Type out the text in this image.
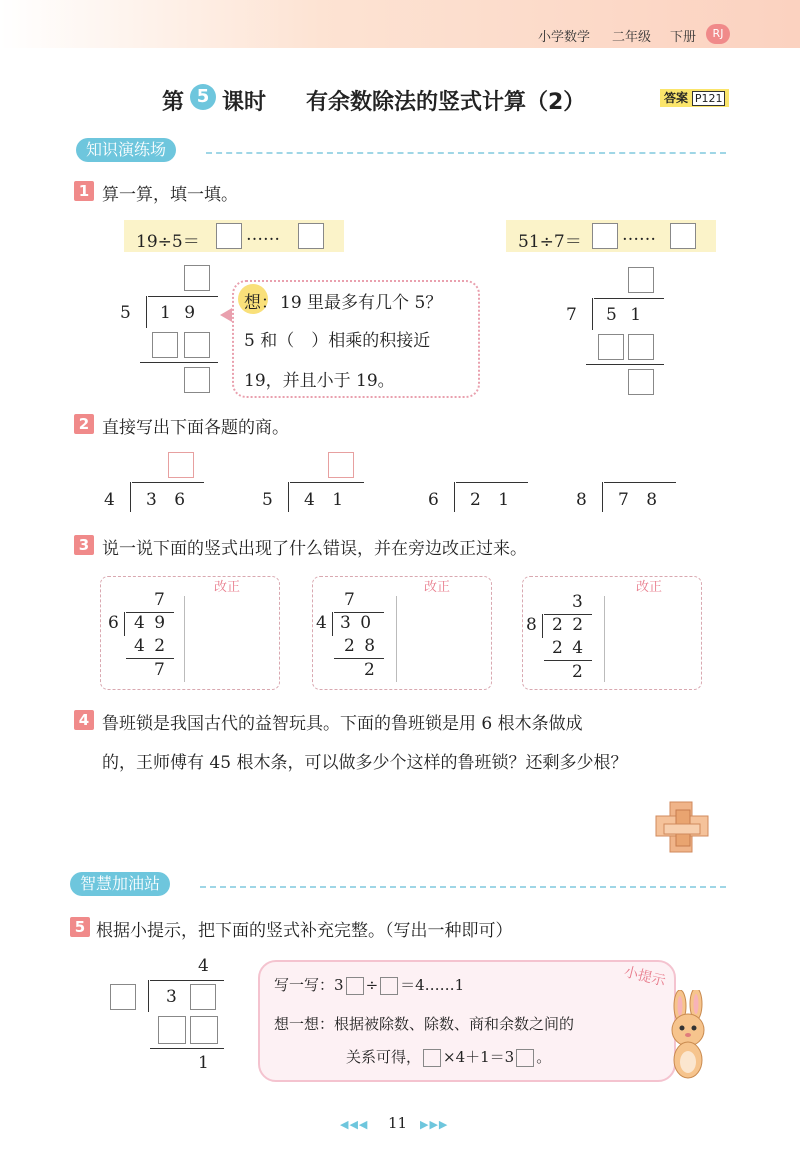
小学数学 二年级 下册	RJ
第 5 课时 有余数除法的竖式计算（2）	答案 P121
知识演练场
1 算一算，填一填。
19÷5＝	……	51÷7＝ ……
5 1 9	想： 19 里最多有几个 5？
5 和（　）相乘的积接近
19，并且小于 19。
7 5 1
2 直接写出下面各题的商。
4 3 6	5 4 1	6 2 1	8 7 8
3 说一说下面的竖式出现了什么错误，并在旁边改正过来。
改正
7
6 4 9
4 2
7
改正
7
4 3 0
2 8
2
改正
3
8 2 2
2 4
2
4 鲁班锁是我国古代的益智玩具。下面的鲁班锁是用 6 根木条做成
的，王师傅有 45 根木条，可以做多少个这样的鲁班锁？还剩多少根？
智慧加油站
5 根据小提示，把下面的竖式补充完整。（写出一种即可）
4
3
1
小提示
写一写：3 ÷ ＝4……1
想一想：根据被除数、除数、商和余数之间的
关系可得， ×4＋1＝3 。
◀◀◀ 11 ▶▶▶
